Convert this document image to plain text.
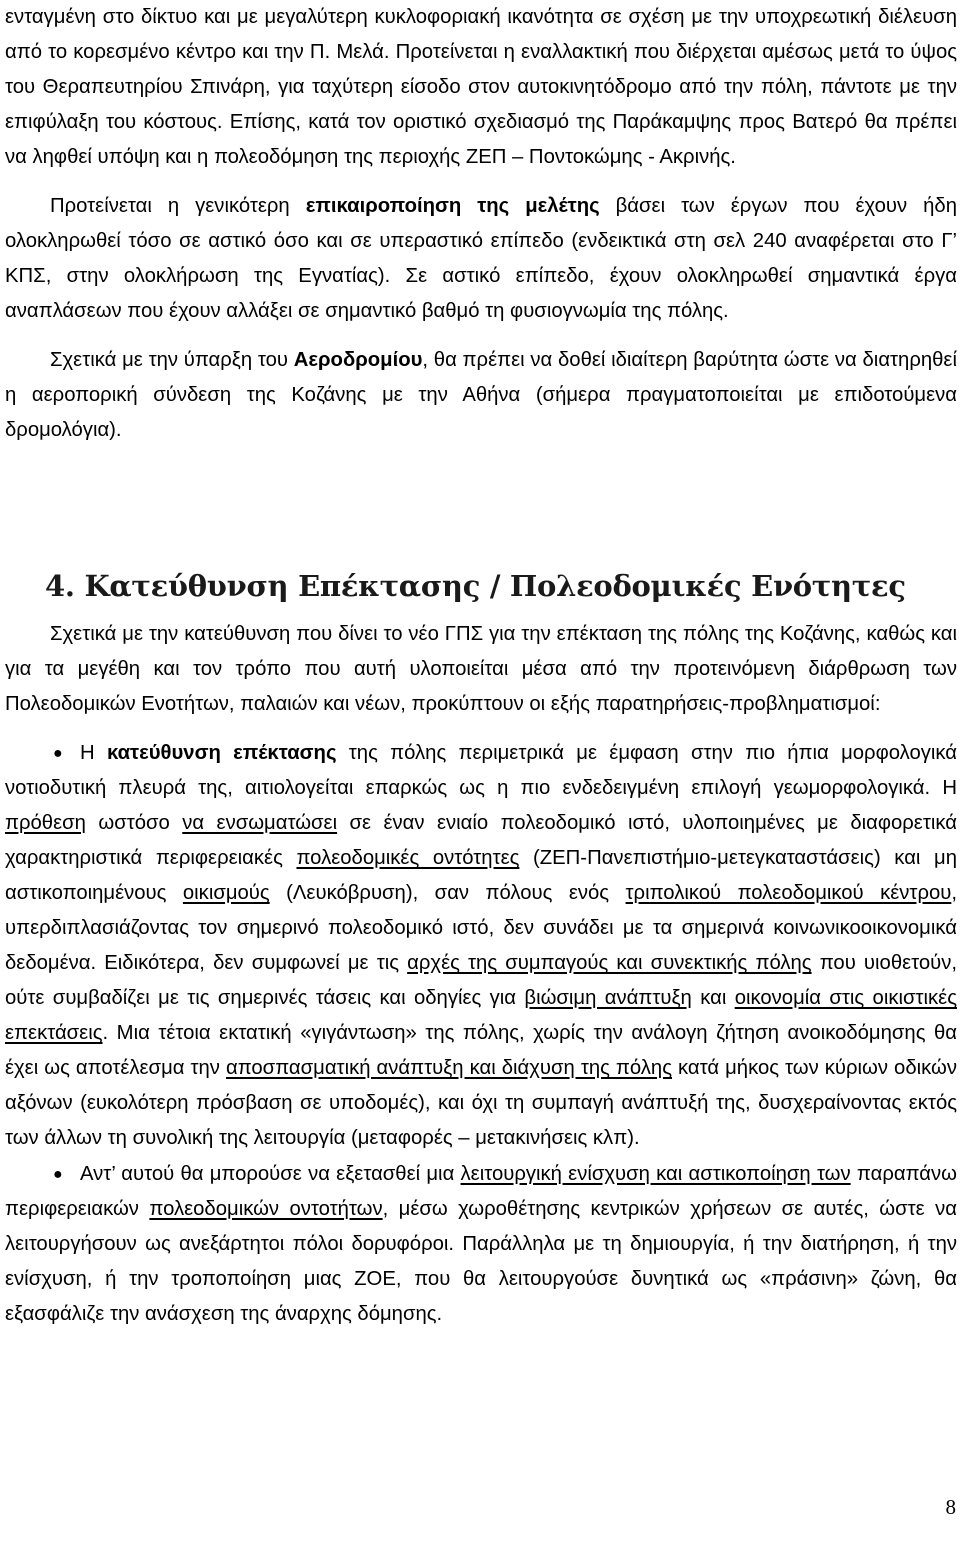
ενταγμένη στο δίκτυο και με μεγαλύτερη κυκλοφοριακή ικανότητα σε σχέση με την υποχρεωτική διέλευση από το κορεσμένο κέντρο και την Π. Μελά. Προτείνεται η εναλλακτική που διέρχεται αμέσως μετά το ύψος του Θεραπευτηρίου Σπινάρη, για ταχύτερη είσοδο στον αυτοκινητόδρομο από την πόλη, πάντοτε με την επιφύλαξη του κόστους. Επίσης, κατά τον οριστικό σχεδιασμό της Παράκαμψης προς Βατερό θα πρέπει να ληφθεί υπόψη και η πολεοδόμηση της περιοχής ΖΕΠ – Ποντοκώμης - Ακρινής.

Προτείνεται η γενικότερη επικαιροποίηση της μελέτης βάσει των έργων που έχουν ήδη ολοκληρωθεί τόσο σε αστικό όσο και σε υπεραστικό επίπεδο (ενδεικτικά στη σελ 240 αναφέρεται στο Γ’ ΚΠΣ, στην ολοκλήρωση της Εγνατίας). Σε αστικό επίπεδο, έχουν ολοκληρωθεί σημαντικά έργα αναπλάσεων που έχουν αλλάξει σε σημαντικό βαθμό τη φυσιογνωμία της πόλης.

Σχετικά με την ύπαρξη του Αεροδρομίου, θα πρέπει να δοθεί ιδιαίτερη βαρύτητα ώστε να διατηρηθεί η αεροπορική σύνδεση της Κοζάνης με την Αθήνα (σήμερα πραγματοποιείται με επιδοτούμενα δρομολόγια).

4. Κατεύθυνση Επέκτασης / Πολεοδομικές Ενότητες

Σχετικά με την κατεύθυνση που δίνει το νέο ΓΠΣ για την επέκταση της πόλης της Κοζάνης, καθώς και για τα μεγέθη και τον τρόπο που αυτή υλοποιείται μέσα από την προτεινόμενη διάρθρωση των Πολεοδομικών Ενοτήτων, παλαιών και νέων, προκύπτουν οι εξής παρατηρήσεις-προβληματισμοί:

● Η κατεύθυνση επέκτασης της πόλης περιμετρικά με έμφαση στην πιο ήπια μορφολογικά νοτιοδυτική πλευρά της, αιτιολογείται επαρκώς ως η πιο ενδεδειγμένη επιλογή γεωμορφολογικά. Η πρόθεση ωστόσο να ενσωματώσει σε έναν ενιαίο πολεοδομικό ιστό, υλοποιημένες με διαφορετικά χαρακτηριστικά περιφερειακές πολεοδομικές οντότητες (ΖΕΠ-Πανεπιστήμιο-μετεγκαταστάσεις) και μη αστικοποιημένους οικισμούς (Λευκόβρυση), σαν πόλους ενός τριπολικού πολεοδομικού κέντρου, υπερδιπλασιάζοντας τον σημερινό πολεοδομικό ιστό, δεν συνάδει με τα σημερινά κοινωνικοοικονομικά δεδομένα. Ειδικότερα, δεν συμφωνεί με τις αρχές της συμπαγούς και συνεκτικής πόλης που υιοθετούν, ούτε συμβαδίζει με τις σημερινές τάσεις και οδηγίες για βιώσιμη ανάπτυξη και οικονομία στις οικιστικές επεκτάσεις. Μια τέτοια εκτατική «γιγάντωση» της πόλης, χωρίς την ανάλογη ζήτηση ανοικοδόμησης θα έχει ως αποτέλεσμα την αποσπασματική ανάπτυξη και διάχυση της πόλης κατά μήκος των κύριων οδικών αξόνων (ευκολότερη πρόσβαση σε υποδομές), και όχι τη συμπαγή ανάπτυξή της, δυσχεραίνοντας εκτός των άλλων τη συνολική της λειτουργία (μεταφορές – μετακινήσεις κλπ).

● Αντ’ αυτού θα μπορούσε να εξετασθεί μια λειτουργική ενίσχυση και αστικοποίηση των παραπάνω περιφερειακών πολεοδομικών οντοτήτων, μέσω χωροθέτησης κεντρικών χρήσεων σε αυτές, ώστε να λειτουργήσουν ως ανεξάρτητοι πόλοι δορυφόροι. Παράλληλα με τη δημιουργία, ή την διατήρηση, ή την ενίσχυση, ή την τροποποίηση μιας ΖΟΕ, που θα λειτουργούσε δυνητικά ως «πράσινη» ζώνη, θα εξασφάλιζε την ανάσχεση της άναρχης δόμησης.

8
